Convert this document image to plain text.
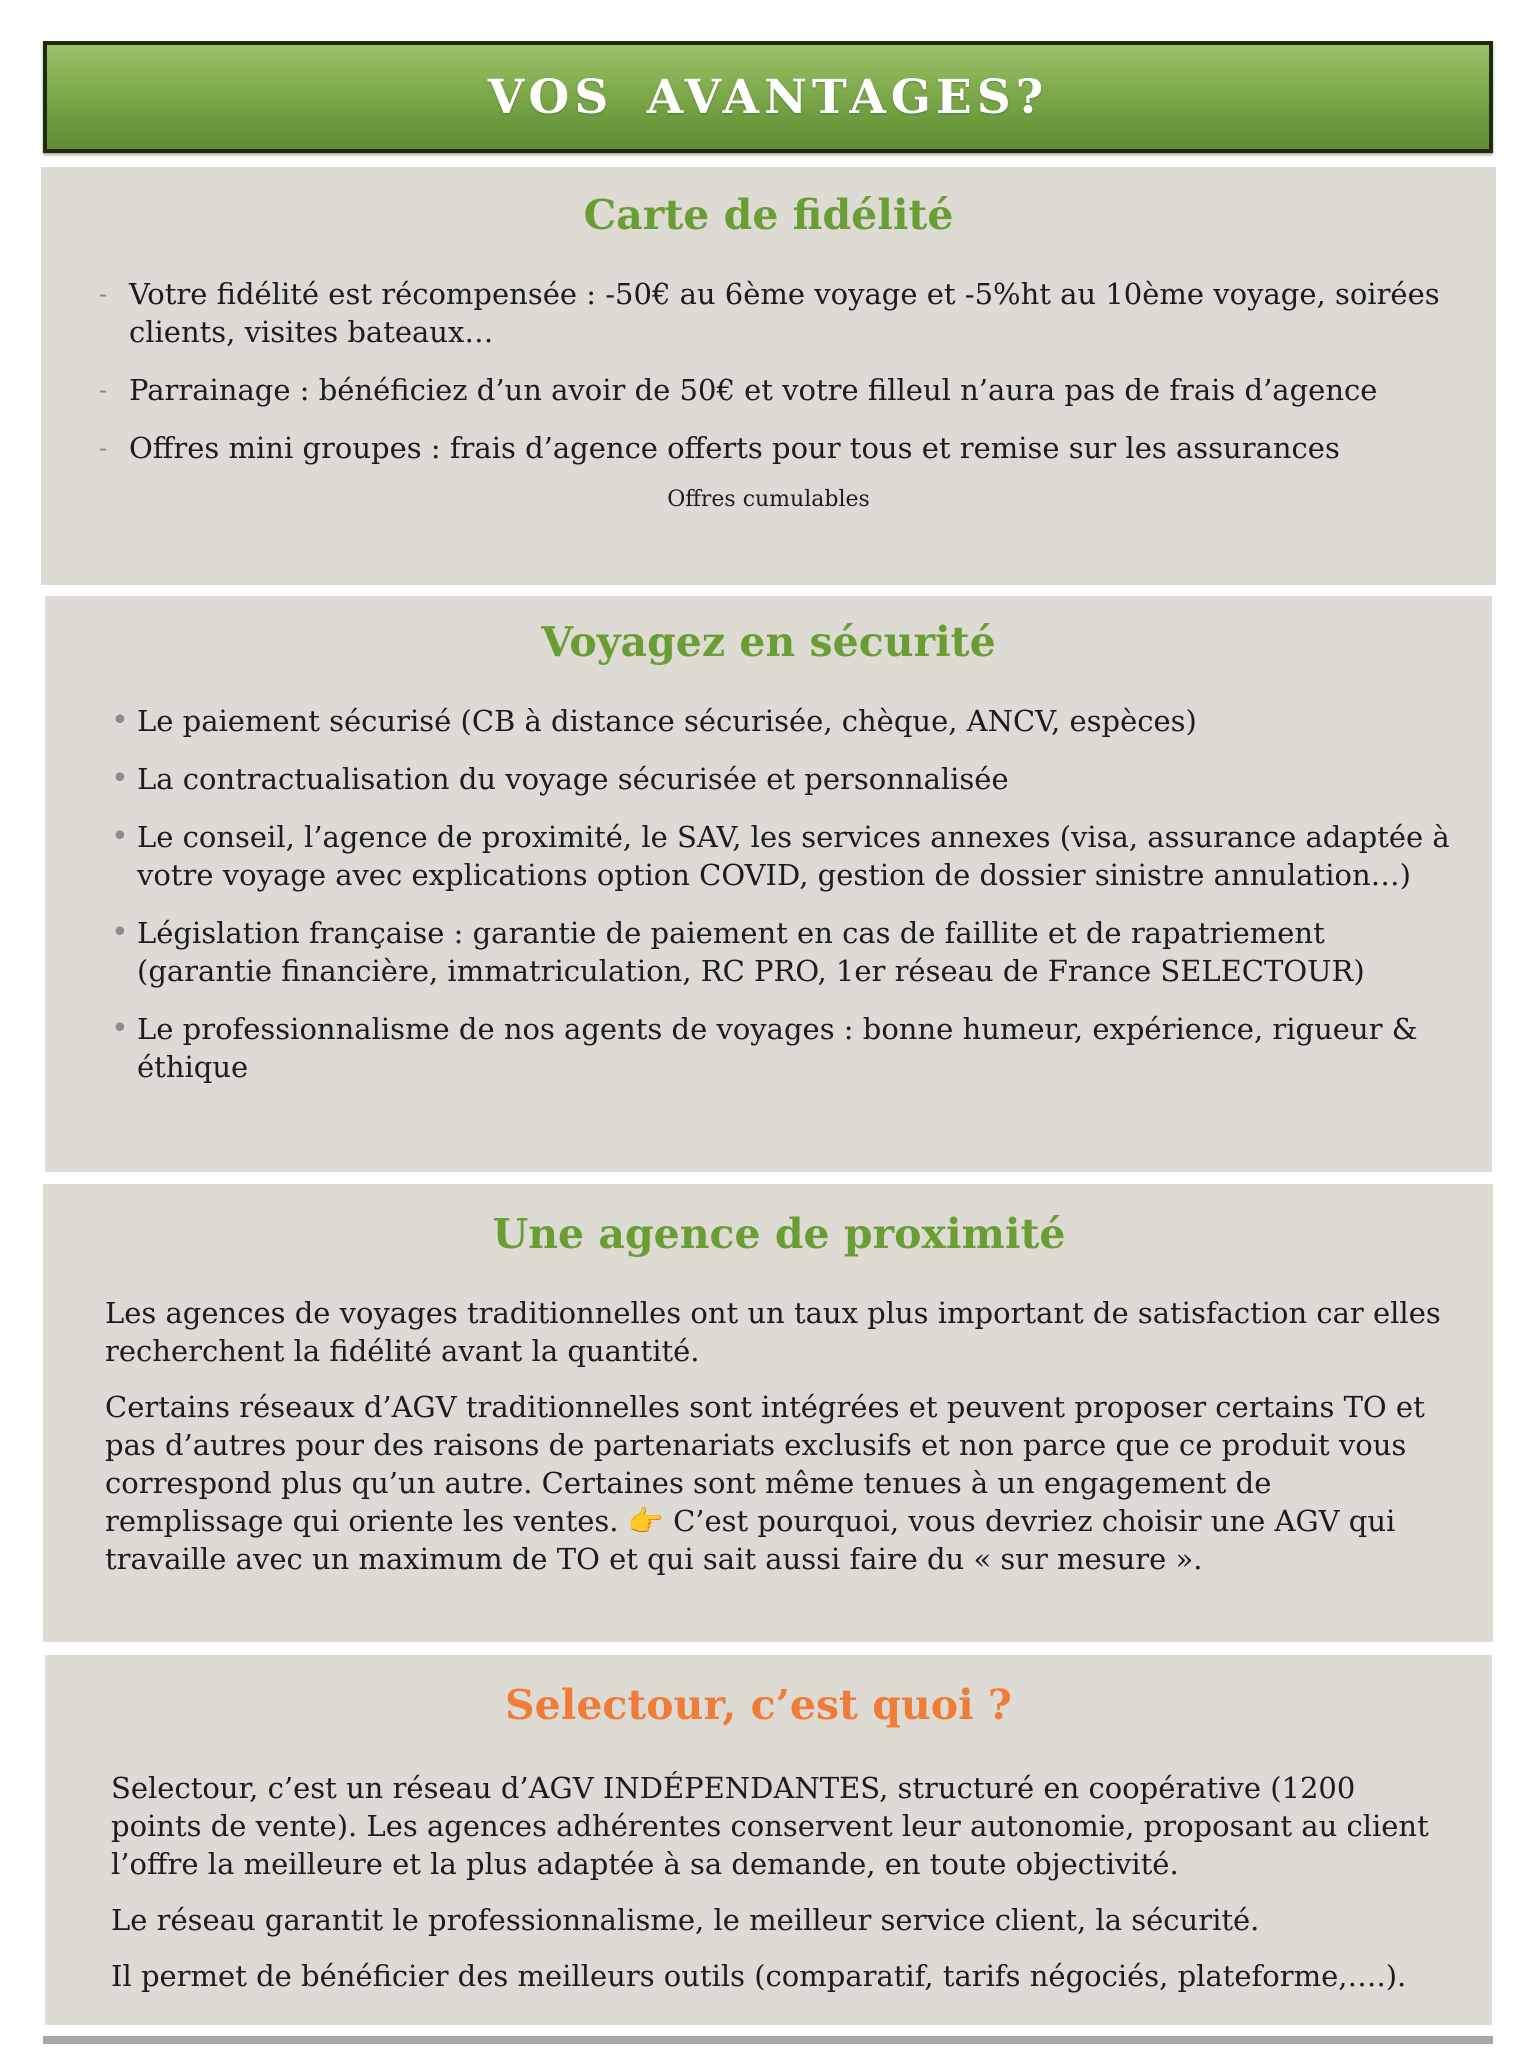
VOS AVANTAGES?
Carte de fidélité
- Votre fidélité est récompensée : -50€ au 6ème voyage et -5%ht au 10ème voyage, soirées clients, visites bateaux…
- Parrainage : bénéficiez d’un avoir de 50€ et votre filleul n’aura pas de frais d’agence
- Offres mini groupes : frais d’agence offerts pour tous et remise sur les assurances
Offres cumulables
Voyagez en sécurité
• Le paiement sécurisé (CB à distance sécurisée, chèque, ANCV, espèces)
• La contractualisation du voyage sécurisée et personnalisée
• Le conseil, l’agence de proximité, le SAV, les services annexes (visa, assurance adaptée à votre voyage avec explications option COVID, gestion de dossier sinistre annulation…)
• Législation française : garantie de paiement en cas de faillite et de rapatriement (garantie financière, immatriculation, RC PRO, 1er réseau de France SELECTOUR)
• Le professionnalisme de nos agents de voyages : bonne humeur, expérience, rigueur & éthique
Une agence de proximité

Les agences de voyages traditionnelles ont un taux plus important de satisfaction car elles recherchent la fidélité avant la quantité.

Certains réseaux d’AGV traditionnelles sont intégrées et peuvent proposer certains TO et pas d’autres pour des raisons de partenariats exclusifs et non parce que ce produit vous correspond plus qu’un autre. Certaines sont même tenues à un engagement de remplissage qui oriente les ventes. 👉 C’est pourquoi, vous devriez choisir une AGV qui travaille avec un maximum de TO et qui sait aussi faire du « sur mesure ».

Selectour, c’est quoi ?

Selectour, c’est un réseau d’AGV INDÉPENDANTES, structuré en coopérative (1200 points de vente). Les agences adhérentes conservent leur autonomie, proposant au client l’offre la meilleure et la plus adaptée à sa demande, en toute objectivité.

Le réseau garantit le professionnalisme, le meilleur service client, la sécurité.

Il permet de bénéficier des meilleurs outils (comparatif, tarifs négociés, plateforme,….).
